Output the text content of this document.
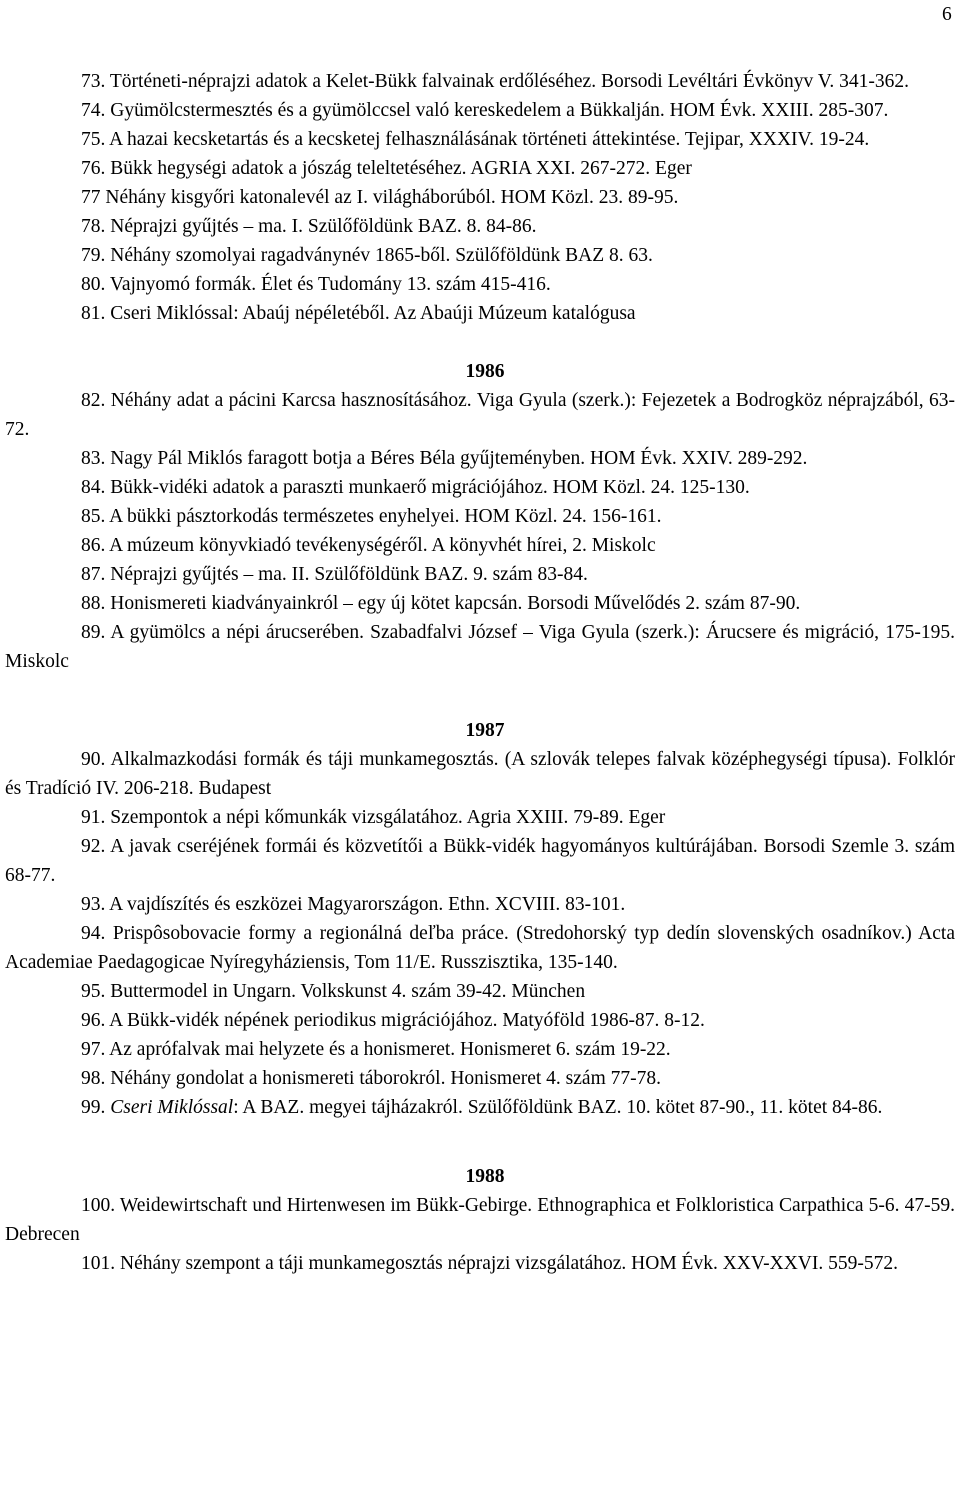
6

73. Történeti-néprajzi adatok a Kelet-Bükk falvainak erdőléséhez. Borsodi Levéltári Évkönyv V. 341-362.

74. Gyümölcstermesztés és a gyümölccsel való kereskedelem a Bükkalján. HOM Évk. XXIII. 285-307.

75. A hazai kecsketartás és a kecsketej felhasználásának történeti áttekintése. Tejipar, XXXIV. 19-24.

76. Bükk hegységi adatok a jószág teleltetéséhez. AGRIA XXI. 267-272. Eger

77 Néhány kisgyőri katonalevél az I. világháborúból. HOM Közl. 23. 89-95.

78. Néprajzi gyűjtés – ma. I. Szülőföldünk BAZ. 8. 84-86.

79. Néhány szomolyai ragadványnév 1865-ből. Szülőföldünk BAZ 8. 63.

80. Vajnyomó formák. Élet és Tudomány 13. szám 415-416.

81. Cseri Miklóssal: Abaúj népéletéből. Az Abaúji Múzeum katalógusa

1986

82. Néhány adat a pácini Karcsa hasznosításához. Viga Gyula (szerk.): Fejezetek a Bodrogköz néprajzából, 63-72.

83. Nagy Pál Miklós faragott botja a Béres Béla gyűjteményben. HOM Évk. XXIV. 289-292.

84. Bükk-vidéki adatok a paraszti munkaerő migrációjához. HOM Közl. 24. 125-130.

85. A bükki pásztorkodás természetes enyhelyei. HOM Közl. 24. 156-161.

86. A múzeum könyvkiadó tevékenységéről. A könyvhét hírei, 2. Miskolc

87. Néprajzi gyűjtés – ma. II. Szülőföldünk BAZ. 9. szám 83-84.

88. Honismereti kiadványainkról – egy új kötet kapcsán. Borsodi Művelődés 2. szám 87-90.

89. A gyümölcs a népi árucserében. Szabadfalvi József – Viga Gyula (szerk.): Árucsere és migráció, 175-195. Miskolc

1987

90. Alkalmazkodási formák és táji munkamegosztás. (A szlovák telepes falvak középhegységi típusa). Folklór és Tradíció IV. 206-218. Budapest

91. Szempontok a népi kőmunkák vizsgálatához. Agria XXIII. 79-89. Eger

92. A javak cseréjének formái és közvetítői a Bükk-vidék hagyományos kultúrájában. Borsodi Szemle 3. szám 68-77.

93. A vajdíszítés és eszközei Magyarországon. Ethn. XCVIII. 83-101.

94. Prispôsobovacie formy a regionálná deľba práce. (Stredohorský typ dedín slovenských osadníkov.) Acta Academiae Paedagogicae Nyíregyháziensis, Tom 11/E. Russzisztika, 135-140.

95. Buttermodel in Ungarn. Volkskunst 4. szám 39-42. München

96. A Bükk-vidék népének periodikus migrációjához. Matyóföld 1986-87. 8-12.

97. Az aprófalvak mai helyzete és a honismeret. Honismeret 6. szám 19-22.

98. Néhány gondolat a honismereti táborokról. Honismeret 4. szám 77-78.

99. Cseri Miklóssal: A BAZ. megyei tájházakról. Szülőföldünk BAZ. 10. kötet 87-90., 11. kötet 84-86.

1988

100. Weidewirtschaft und Hirtenwesen im Bükk-Gebirge. Ethnographica et Folkloristica Carpathica 5-6. 47-59. Debrecen

101. Néhány szempont a táji munkamegosztás néprajzi vizsgálatához. HOM Évk. XXV-XXVI. 559-572.
